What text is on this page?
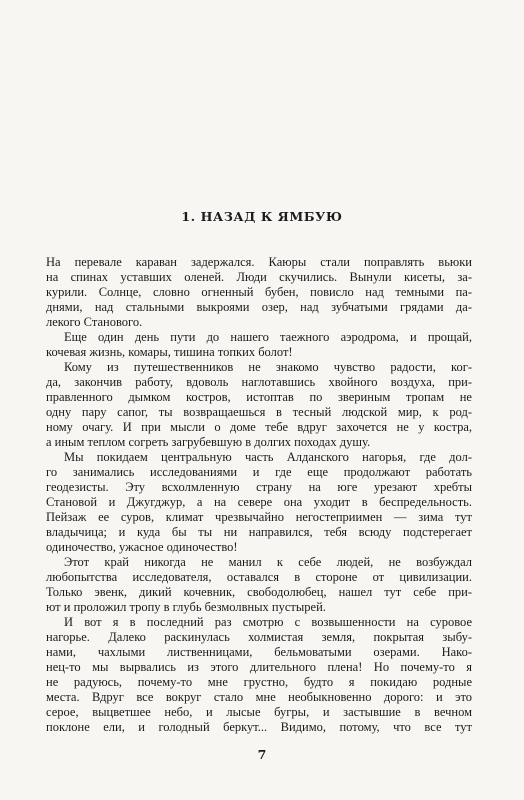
1. НАЗАД К ЯМБУЮ
На перевале караван задержался. Каюры стали поправлять вьюки
на спинах уставших оленей. Люди скучились. Вынули кисеты, за-
курили. Солнце, словно огненный бубен, повисло над темными па-
днями, над стальными выкроями озер, над зубчатыми грядами да-
лекого Станового.
Еще один день пути до нашего таежного аэродрома, и прощай,
кочевая жизнь, комары, тишина топких болот!
Кому из путешественников не знакомо чувство радости, ког-
да, закончив работу, вдоволь наглотавшись хвойного воздуха, при-
правленного дымком костров, истоптав по звериным тропам не
одну пару сапог, ты возвращаешься в тесный людской мир, к род-
ному очагу. И при мысли о доме тебе вдруг захочется не у костра,
а иным теплом согреть загрубевшую в долгих походах душу.
Мы покидаем центральную часть Алданского нагорья, где дол-
го занимались исследованиями и где еще продолжают работать
геодезисты. Эту всхолмленную страну на юге урезают хребты
Становой и Джугджур, а на севере она уходит в беспредельность.
Пейзаж ее суров, климат чрезвычайно негостеприимен — зима тут
владычица; и куда бы ты ни направился, тебя всюду подстерегает
одиночество, ужасное одиночество!
Этот край никогда не манил к себе людей, не возбуждал
любопытства исследователя, оставался в стороне от цивилизации.
Только эвенк, дикий кочевник, свободолюбец, нашел тут себе при-
ют и проложил тропу в глубь безмолвных пустырей.
И вот я в последний раз смотрю с возвышенности на суровое
нагорье. Далеко раскинулась холмистая земля, покрытая зыбу-
нами, чахлыми лиственницами, бельмоватыми озерами. Нако-
нец-то мы вырвались из этого длительного плена! Но почему-то я
не радуюсь, почему-то мне грустно, будто я покидаю родные
места. Вдруг все вокруг стало мне необыкновенно дорого: и это
серое, выцветшее небо, и лысые бугры, и застывшие в вечном
поклоне ели, и голодный беркут... Видимо, потому, что все тут
7
